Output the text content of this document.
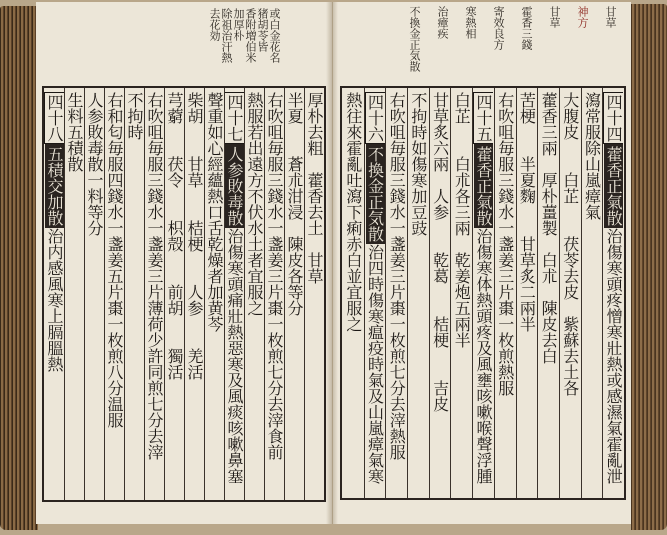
或白金花名
猪胡苓皆
香附増伯米
加厚朴
除祖治汗熱
去花効	不換金正気散 治瘴疾 寒熱相 寄效良方 霍香三錢 甘草 神方 甘草
四十八五積交加散治内感風寒上膈膃熱
生料五積散 人参敗毒散一料等分 右和匂毎服四錢水一盞姜五片棗一枚煎八分温服 不拘時 右吹咀毎服三錢水一盞姜三片薄荷少許同煎七分去滓 芎藭　　茯令　　枳殻　　前胡　　獨活 柴胡　　甘草　　桔梗　　人参　　羌活 聲重如心經蘊熱口舌乾燥者加黄芩 四十七人参敗毒散治傷寒頭痛壯熱惡寒及風痰咳嗽鼻塞
熱服若出遠方不伏水土者宜服之 右吹咀毎服三錢水一盞姜三片棗一枚煎七分去滓食前 半夏　　蒼朮泔浸　陳皮各等分 厚朴去粗　藿香去土　甘草 熱往來霍亂吐瀉下痢赤白並宜服之 四十六不換金正気散治四時傷寒瘟疫時氣及山嵐瘴氣寒 右吹咀毎服三錢水一盞姜三片棗一枚煎七分去滓熱服 不拘時如傷寒加豆豉 甘草炙六兩　人参　　乾葛　　桔梗　　吉皮 白芷　　白朮各三兩　乾姜炮五兩半 四十五藿香正氣散治傷寒体熱頭疼及風壅咳嗽喉聲浮腫 右吹咀毎服三錢水一盞姜三片棗一枚煎熱服 苦梗　　半夏麴　　甘草炙二兩半 藿香三兩　厚朴薑製　白朮　陳皮去白 大腹皮　　白芷　　茯苓去皮　紫蘇去土各 瀉常服除山嵐瘴氣 四十四藿香正氣散治傷寒頭疼憎寒壯熱或感濕氣霍亂泄
